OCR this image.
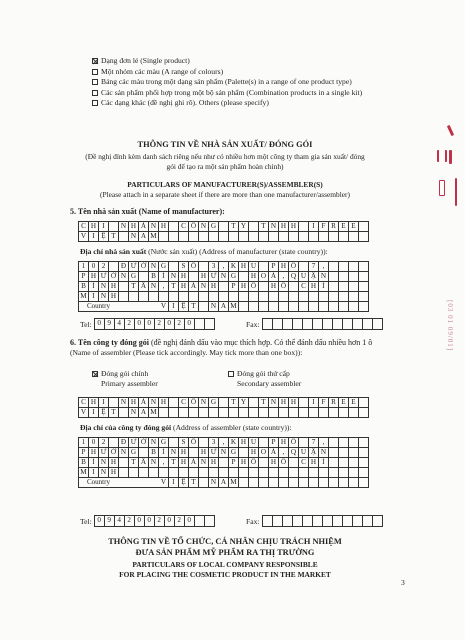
Dạng đơn lẻ (Single product)
Một nhóm các màu (A range of colours)
Bảng các màu trong một dạng sản phẩm (Palette(s) in a range of one product type)
Các sản phẩm phối hợp trong một bộ sản phẩm (Combination products in a single kit)
Các dạng khác (đề nghị ghi rõ). Others (please specify)
THÔNG TIN VỀ NHÀ SẢN XUẤT/ ĐÓNG GÓI
(Đề nghị đính kèm danh sách riêng nếu như có nhiều hơn một công ty tham gia sản xuất/ đóng
gói để tạo ra một sản phẩm hoàn chỉnh)
PARTICULARS OF MANUFACTURER(S)/ASSEMBLER(S)
(Please attach in a separate sheet if there are more than one manufacturer/assembler)
5. Tên nhà sản xuất (Name of manufacturer):
C H I	N H Á N H	C Ô N G	T Y	T N H H	I F R E E
V I Ệ T	N A M
Địa chỉ nhà sản xuất (Nước sản xuất) (Address of manufacturer (state country)):
1 0 2	Đ Ư Ờ N G	S Ố	3	, K H U	P H Ố	7	,
P H Ư Ờ N G	B Ì N H	H Ư N G	H O À , Q U Ậ N
B Ì N H	T Â N , T H À N H	P H Ố	H Ồ	C H Í
M I N H
Country	V I Ệ T	N A M
Tel: 0 9 4 2 0 0 2 0 2 0	Fax:
6. Tên công ty đóng gói (đề nghị đánh dấu vào mục thích hợp. Có thể đánh dấu nhiều hơn 1 ô
(Name of assembler (Please tick accordingly. May tick more than one box)):
Đóng gói chính
Primary assembler
Đóng gói thứ cấp
Secondary assembler
C H I	N H Á N H	C Ô N G	T Y	T N H H	I F R E E
V I Ệ T	N A M
Địa chỉ của công ty đóng gói (Address of assembler (state country)):
1 0 2	Đ Ư Ờ N G	S Ố	3	, K H U	P H Ố	7	,
P H Ư Ờ N G	B Ì N H	H Ư N G	H O À , Q U Ậ N
B Ì N H	T Â N , T H À N H	P H Ố	H Ồ	C H Í
M I N H
Country	V I Ệ T	N A M
Tel: 0 9 4 2 0 0 2 0 2 0	Fax:
THÔNG TIN VỀ TỔ CHỨC, CÁ NHÂN CHỊU TRÁCH NHIỆM
ĐƯA SẢN PHẨM MỸ PHẨM RA THỊ TRƯỜNG
PARTICULARS OF LOCAL COMPANY RESPONSIBLE
FOR PLACING THE COSMETIC PRODUCT IN THE MARKET
3
[03 01 09/01]
